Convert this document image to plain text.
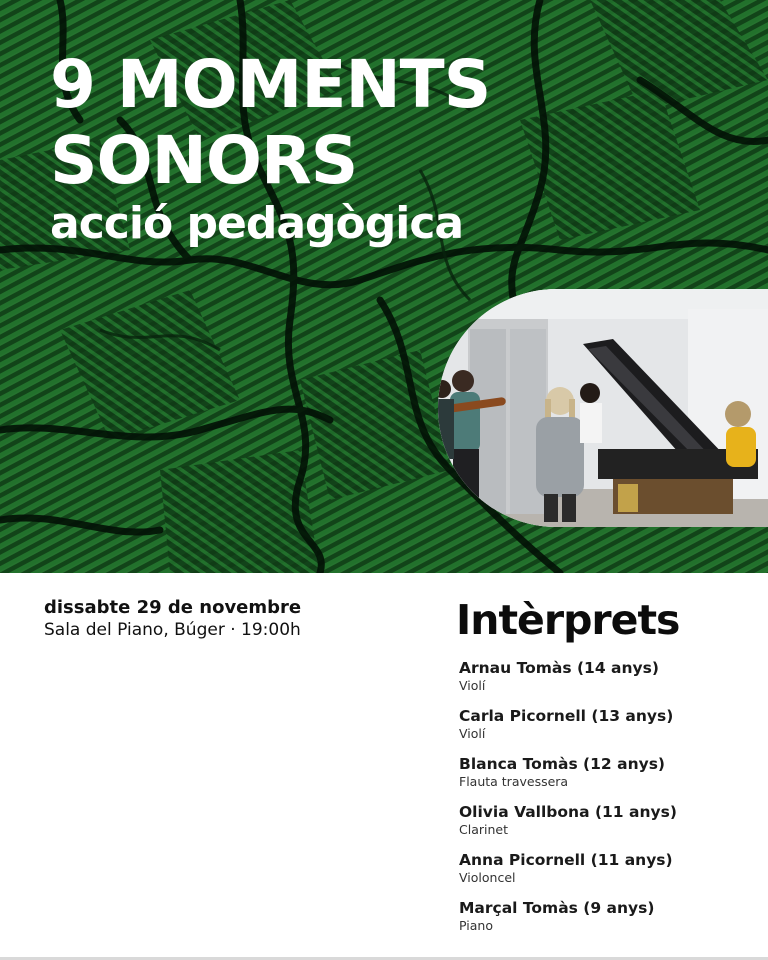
9 MOMENTS
SONORS
acció pedagògica

dissabte 29 de novembre

Sala del Piano, Búger · 19:00h	Intèrprets
Arnau Tomàs (14 anys)
Violí
Carla Picornell (13 anys)
Violí
Blanca Tomàs (12 anys)
Flauta travessera
Olivia Vallbona (11 anys)
Clarinet
Anna Picornell (11 anys)
Violoncel
Marçal Tomàs (9 anys)
Piano
